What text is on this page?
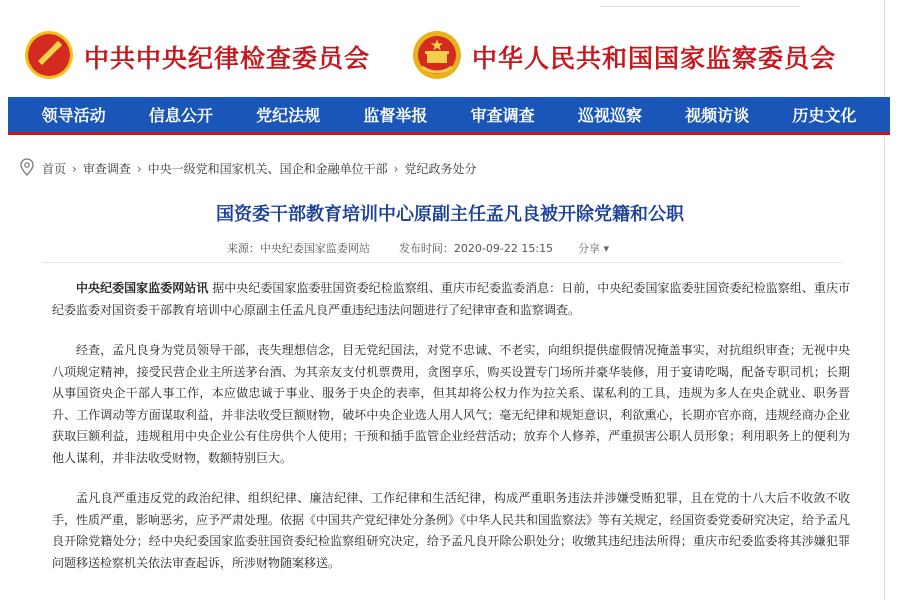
中共中央纪律检查委员会	中华人民共和国国家监察委员会
领导活动	信息公开	党纪法规	监督举报	审查调查	巡视巡察	视频访谈	历史文化
首页 › 审查调查 › 中央一级党和国家机关、国企和金融单位干部 › 党纪政务处分
国资委干部教育培训中心原副主任孟凡良被开除党籍和公职
来源：中央纪委国家监委网站	发布时间：2020-09-22 15:15	分享 ▾

中央纪委国家监委网站讯 据中央纪委国家监委驻国资委纪检监察组、重庆市纪委监委消息：日前，中央纪委国家监委驻国资委纪检监察组、重庆市纪委监委对国资委干部教育培训中心原副主任孟凡良严重违纪违法问题进行了纪律审查和监察调查。

经查，孟凡良身为党员领导干部，丧失理想信念，目无党纪国法，对党不忠诚、不老实，向组织提供虚假情况掩盖事实，对抗组织审查；无视中央八项规定精神，接受民营企业主所送茅台酒、为其亲友支付机票费用，贪图享乐，购买设置专门场所并豪华装修，用于宴请吃喝，配备专职司机；长期从事国资央企干部人事工作，本应做忠诚于事业、服务于央企的表率，但其却将公权力作为拉关系、谋私利的工具，违规为多人在央企就业、职务晋升、工作调动等方面谋取利益，并非法收受巨额财物，破坏中央企业选人用人风气；毫无纪律和规矩意识，利欲熏心，长期亦官亦商，违规经商办企业获取巨额利益，违规租用中央企业公有住房供个人使用；干预和插手监管企业经营活动；放弃个人修养，严重损害公职人员形象；利用职务上的便利为他人谋利，并非法收受财物，数额特别巨大。

孟凡良严重违反党的政治纪律、组织纪律、廉洁纪律、工作纪律和生活纪律，构成严重职务违法并涉嫌受贿犯罪，且在党的十八大后不收敛不收手，性质严重，影响恶劣，应予严肃处理。依据《中国共产党纪律处分条例》《中华人民共和国监察法》等有关规定，经国资委党委研究决定，给予孟凡良开除党籍处分；经中央纪委国家监委驻国资委纪检监察组研究决定，给予孟凡良开除公职处分；收缴其违纪违法所得；重庆市纪委监委将其涉嫌犯罪问题移送检察机关依法审查起诉，所涉财物随案移送。
